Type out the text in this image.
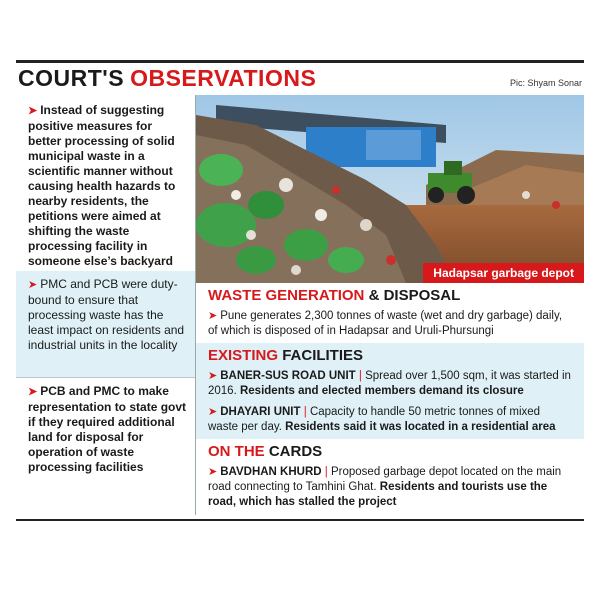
COURT'S OBSERVATIONS	Pic: Shyam Sonar
➤ Instead of suggesting positive measures for better processing of solid municipal waste in a scientific manner without causing health hazards to nearby residents, the petitions were aimed at shifting the waste processing facility in someone else’s backyard
➤ PMC and PCB were duty-bound to ensure that processing waste has the least impact on residents and industrial units in the locality
➤ PCB and PMC to make representation to state govt if they required additional land for disposal for operation of waste processing facilities
Hadapsar garbage depot
WASTE GENERATION & DISPOSAL
➤ Pune generates 2,300 tonnes of waste (wet and dry garbage) daily, of which is disposed of in Hadapsar and Uruli-Phursungi
EXISTING FACILITIES
➤ BANER-SUS ROAD UNIT | Spread over 1,500 sqm, it was started in 2016. Residents and elected members demand its closure
➤ DHAYARI UNIT | Capacity to handle 50 metric tonnes of mixed waste per day. Residents said it was located in a residential area
ON THE CARDS
➤ BAVDHAN KHURD | Proposed garbage depot located on the main road connecting to Tamhini Ghat. Residents and tourists use the road, which has stalled the project
